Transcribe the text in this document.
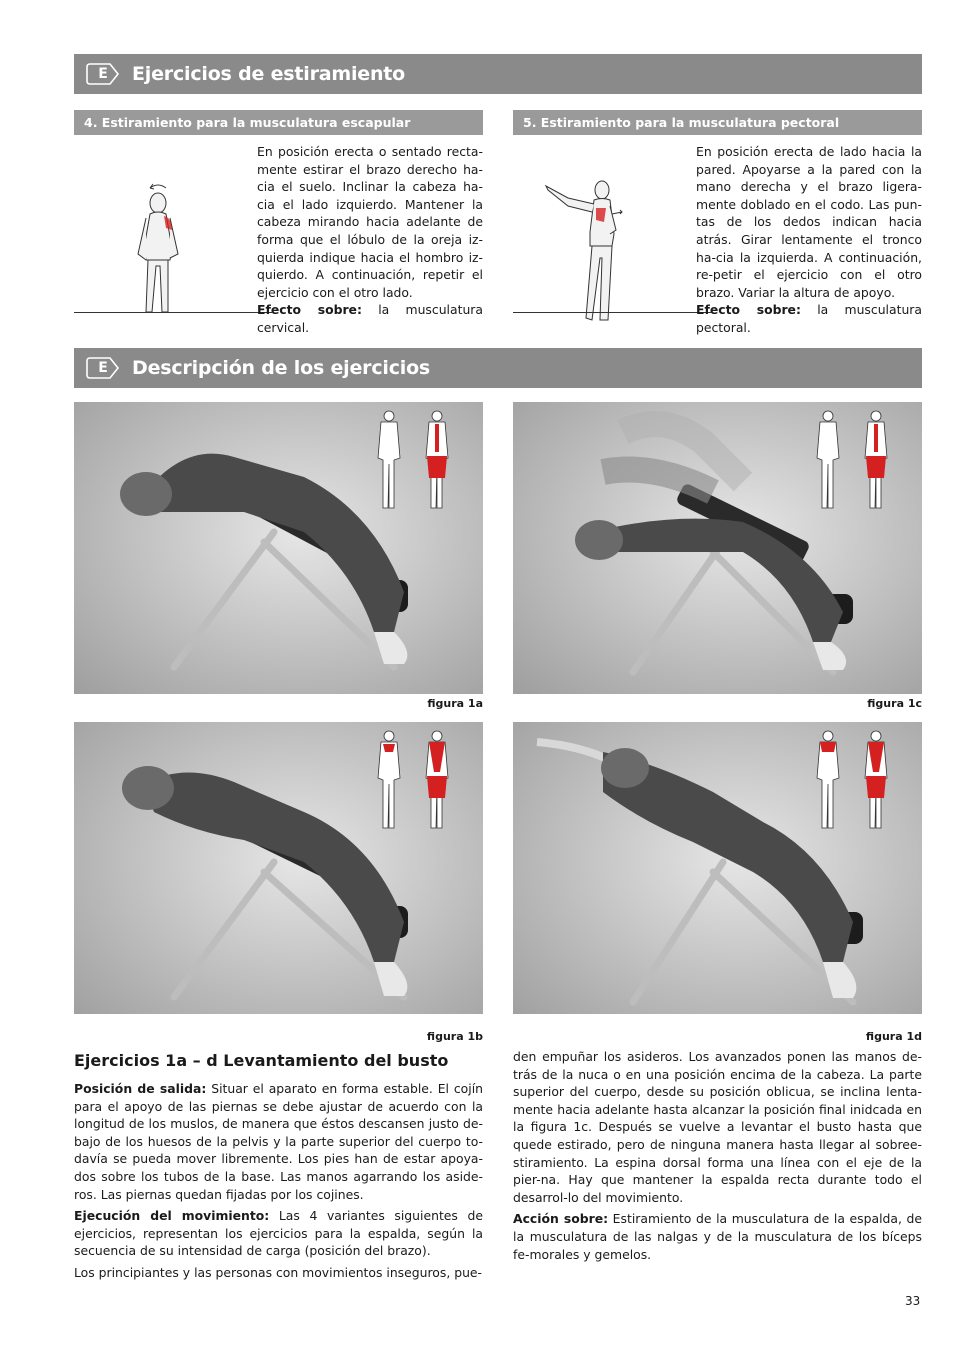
E Ejercicios de estiramiento
4. Estiramiento para la musculatura escapular
En posición erecta o sentado recta-mente estirar el brazo derecho ha-cia el suelo. Inclinar la cabeza ha-cia el lado izquierdo. Mantener la cabeza mirando hacia adelante de forma que el lóbulo de la oreja iz-quierda indique hacia el hombro iz-quierdo. A continuación, repetir el ejercicio con el otro lado.
Efecto sobre: la musculatura cervical.
5. Estiramiento para la musculatura pectoral
En posición erecta de lado hacia la pared. Apoyarse a la pared con la mano derecha y el brazo ligera-mente doblado en el codo. Las pun-tas de los dedos indican hacia atrás. Girar lentamente el tronco ha-cia la izquierda. A continuación, re-petir el ejercicio con el otro brazo. Variar la altura de apoyo.
Efecto sobre: la musculatura pectoral.
E Descripción de los ejercicios
figura 1a	figura 1c
figura 1b	figura 1d
Ejercicios 1a – d Levantamiento del busto
Posición de salida: Situar el aparato en forma estable. El cojín para el apoyo de las piernas se debe ajustar de acuerdo con la longitud de los muslos, de manera que éstos descansen justo de-bajo de los huesos de la pelvis y la parte superior del cuerpo to-davía se pueda mover libremente. Los pies han de estar apoya-dos sobre los tubos de la base. Las manos agarrando los aside-ros. Las piernas quedan fijadas por los cojines.
Ejecución del movimiento: Las 4 variantes siguientes de ejercicios, representan los ejercicios para la espalda, según la secuencia de su intensidad de carga (posición del brazo).
Los principiantes y las personas con movimientos inseguros, pue-
den empuñar los asideros. Los avanzados ponen las manos de-trás de la nuca o en una posición encima de la cabeza. La parte superior del cuerpo, desde su posición oblicua, se inclina lenta-mente hacia adelante hasta alcanzar la posición final inidcada en la figura 1c. Después se vuelve a levantar el busto hasta que quede estirado, pero de ninguna manera hasta llegar al sobree-stiramiento. La espina dorsal forma una línea con el eje de la pier-na. Hay que mantener la espalda recta durante todo el desarrol-lo del movimiento.
Acción sobre: Estiramiento de la musculatura de la espalda, de la musculatura de las nalgas y de la musculatura de los bíceps fe-morales y gemelos.
33
